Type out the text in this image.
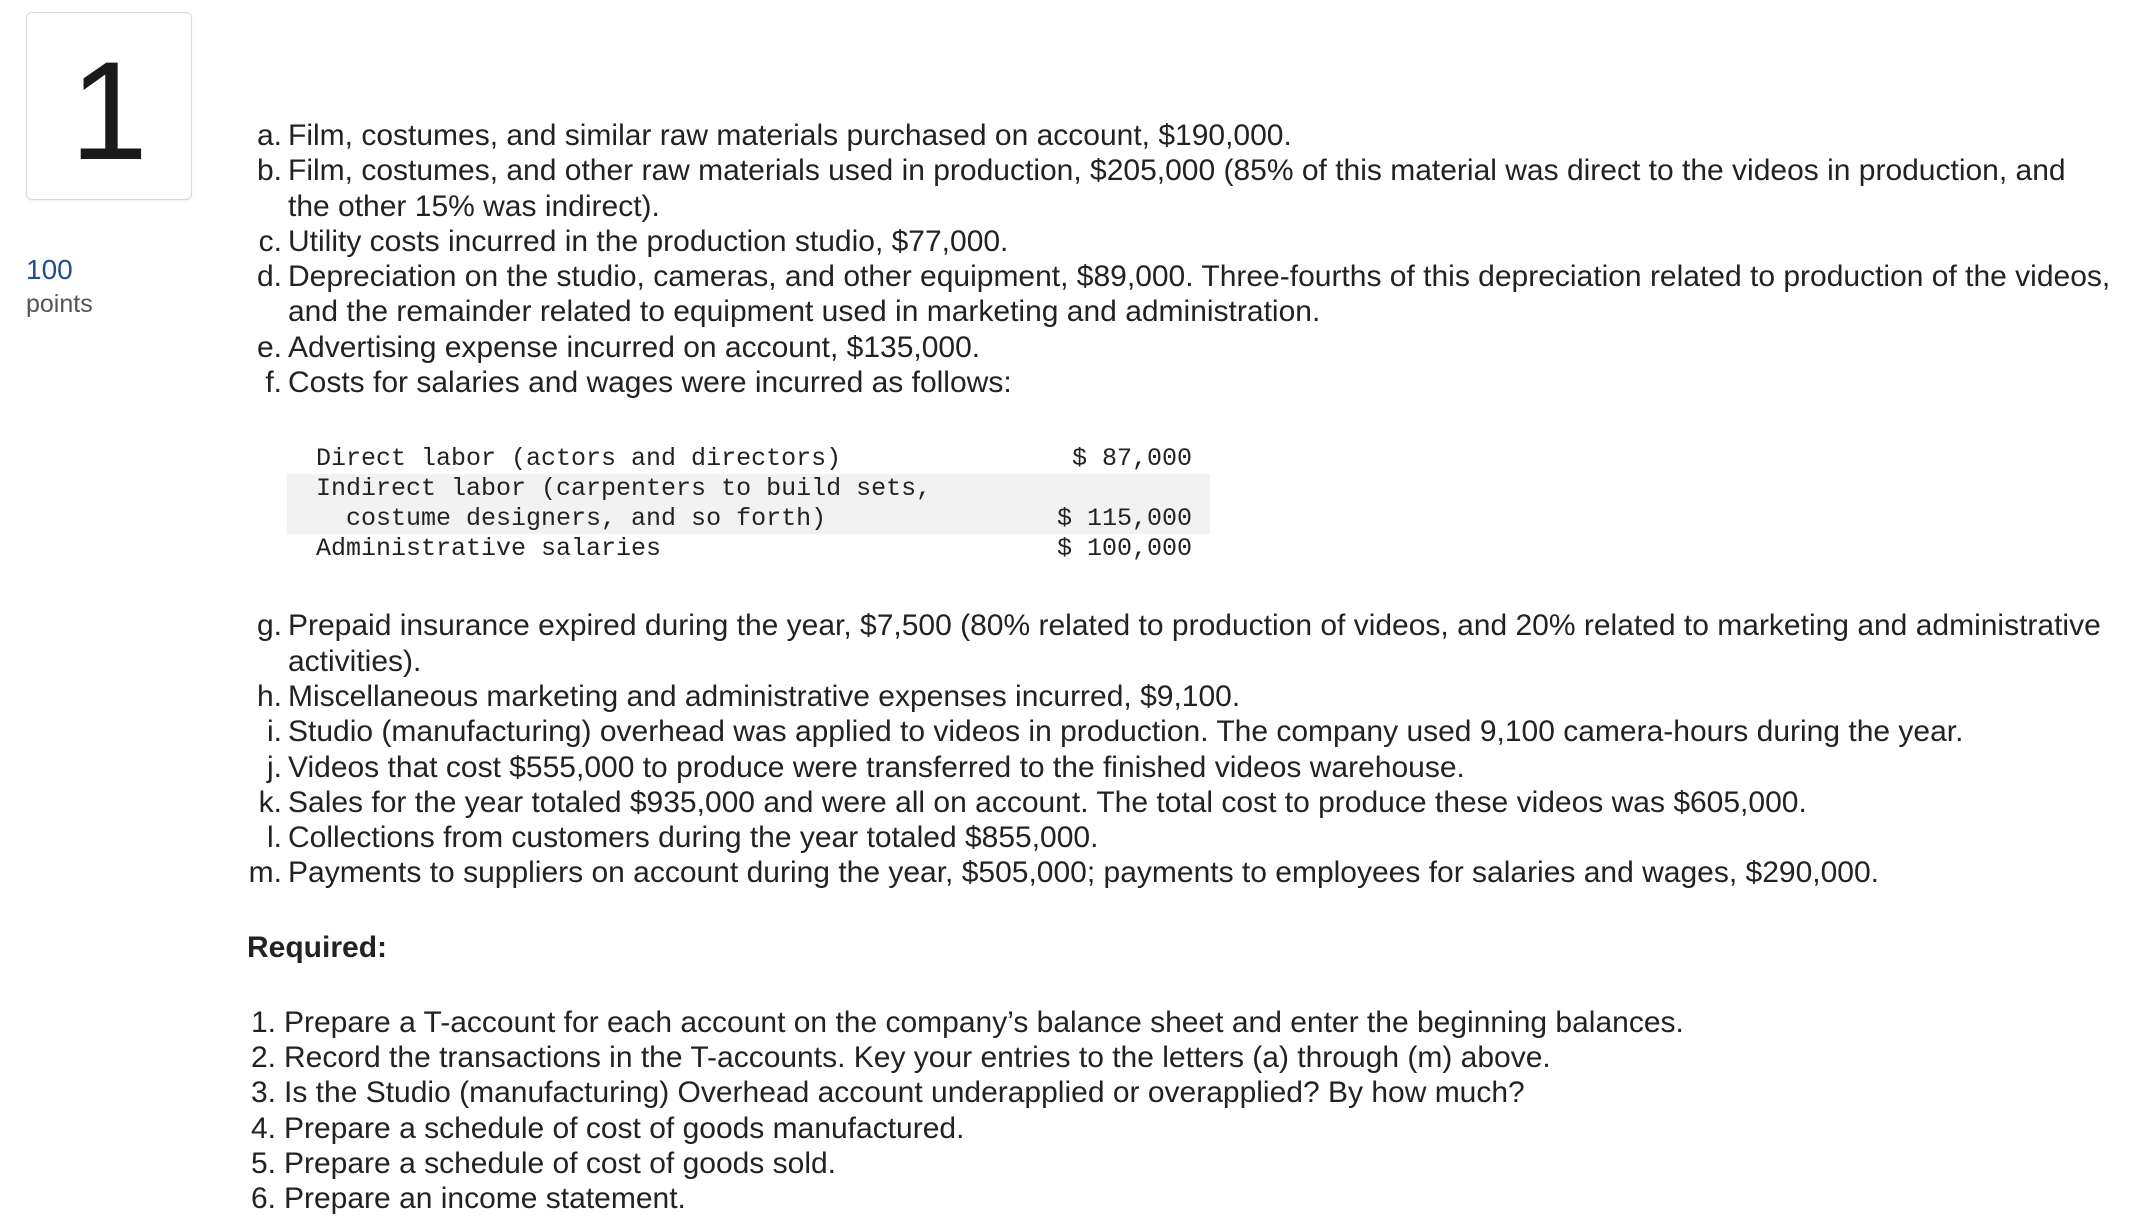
1
100
points
a. Film, costumes, and similar raw materials purchased on account, $190,000.
b. Film, costumes, and other raw materials used in production, $205,000 (85% of this material was direct to the videos in production, and the other 15% was indirect).
c. Utility costs incurred in the production studio, $77,000.
d. Depreciation on the studio, cameras, and other equipment, $89,000. Three-fourths of this depreciation related to production of the videos, and the remainder related to equipment used in marketing and administration.
e. Advertising expense incurred on account, $135,000.
f. Costs for salaries and wages were incurred as follows:
Direct labor (actors and directors)	$ 87,000
Indirect labor (carpenters to build sets,	
costume designers, and so forth)	$ 115,000
Administrative salaries	$ 100,000
g. Prepaid insurance expired during the year, $7,500 (80% related to production of videos, and 20% related to marketing and administrative activities).
h. Miscellaneous marketing and administrative expenses incurred, $9,100.
i. Studio (manufacturing) overhead was applied to videos in production. The company used 9,100 camera-hours during the year.
j. Videos that cost $555,000 to produce were transferred to the finished videos warehouse.
k. Sales for the year totaled $935,000 and were all on account. The total cost to produce these videos was $605,000.
l. Collections from customers during the year totaled $855,000.
m. Payments to suppliers on account during the year, $505,000; payments to employees for salaries and wages, $290,000.
Required:
1. Prepare a T-account for each account on the company’s balance sheet and enter the beginning balances.
2. Record the transactions in the T-accounts. Key your entries to the letters (a) through (m) above.
3. Is the Studio (manufacturing) Overhead account underapplied or overapplied? By how much?
4. Prepare a schedule of cost of goods manufactured.
5. Prepare a schedule of cost of goods sold.
6. Prepare an income statement.
